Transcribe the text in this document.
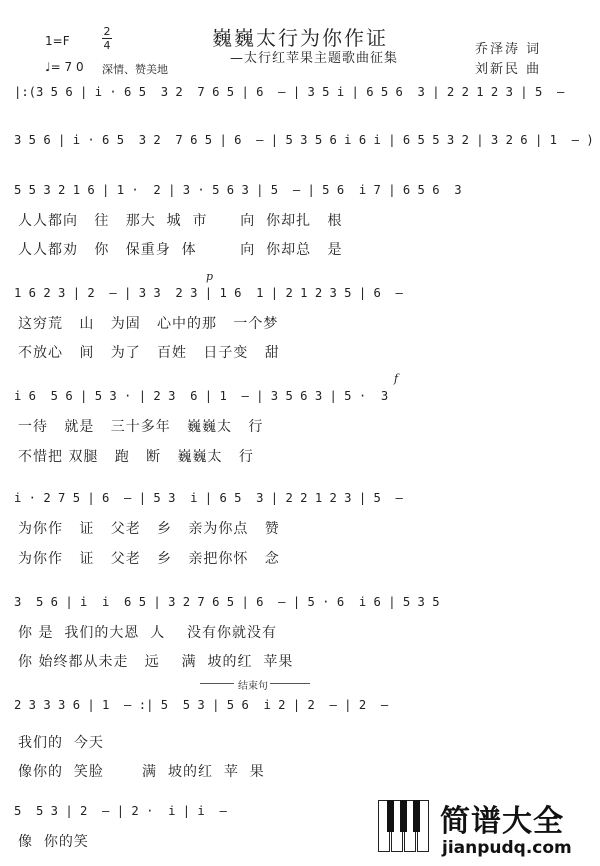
巍巍太行为你作证
—太行红苹果主题歌曲征集
1=F
2
4
♩= 7 0 深情、赞美地
乔泽涛 词
刘新民 曲
|:(3 5 6 | i · 6 5  3 2  7 6 5 | 6  — | 3 5 i | 6 5 6  3 | 2 2 1 2 3 | 5  —
3 5 6 | i · 6 5  3 2  7 6 5 | 6  — | 5 3 5 6 i 6 i | 6 5 5 3 2 | 3 2 6 | 1  — )
5 5 3 2 1 6 | 1 ·  2 | 3 · 5 6 3 | 5  — | 5 6  i 7 | 6 5 6  3
1 6 2 3 | 2  — | 3 3  2 3 | 1 6  1 | 2 1 2 3 5 | 6  —
i 6  5 6 | 5 3 · | 2 3  6 | 1  — | 3 5 6 3 | 5 ·  3
i · 2 7 5 | 6  — | 5 3  i | 6 5  3 | 2 2 1 2 3 | 5  —
3  5 6 | i  i  6 5 | 3 2 7 6 5 | 6  — | 5 · 6  i 6 | 5 3 5
2 3 3 3 6 | 1  — :| 5  5 3 | 5 6  i 2 | 2  — | 2  —
5  5 3 | 2  — | 2 ·  i | i  —
人人都向   往   那大  城  市      向  你却扎   根
人人都劝   你   保重身  体        向  你却总   是
这穷荒   山   为固   心中的那   一个梦
不放心   间   为了   百姓   日子变   甜
一待   就是   三十多年   巍巍太   行
不惜把 双腿   跑   断   巍巍太   行
为你作   证   父老   乡   亲为你点   赞
为你作   证   父老   乡   亲把你怀   念
你 是  我们的大恩  人    没有你就没有
你 始终都从未走   远    满  坡的红  苹果
我们的  今天
像你的  笑脸       满  坡的红  苹  果
像  你的笑
p
f
结束句
简谱大全
jianpudq.com
